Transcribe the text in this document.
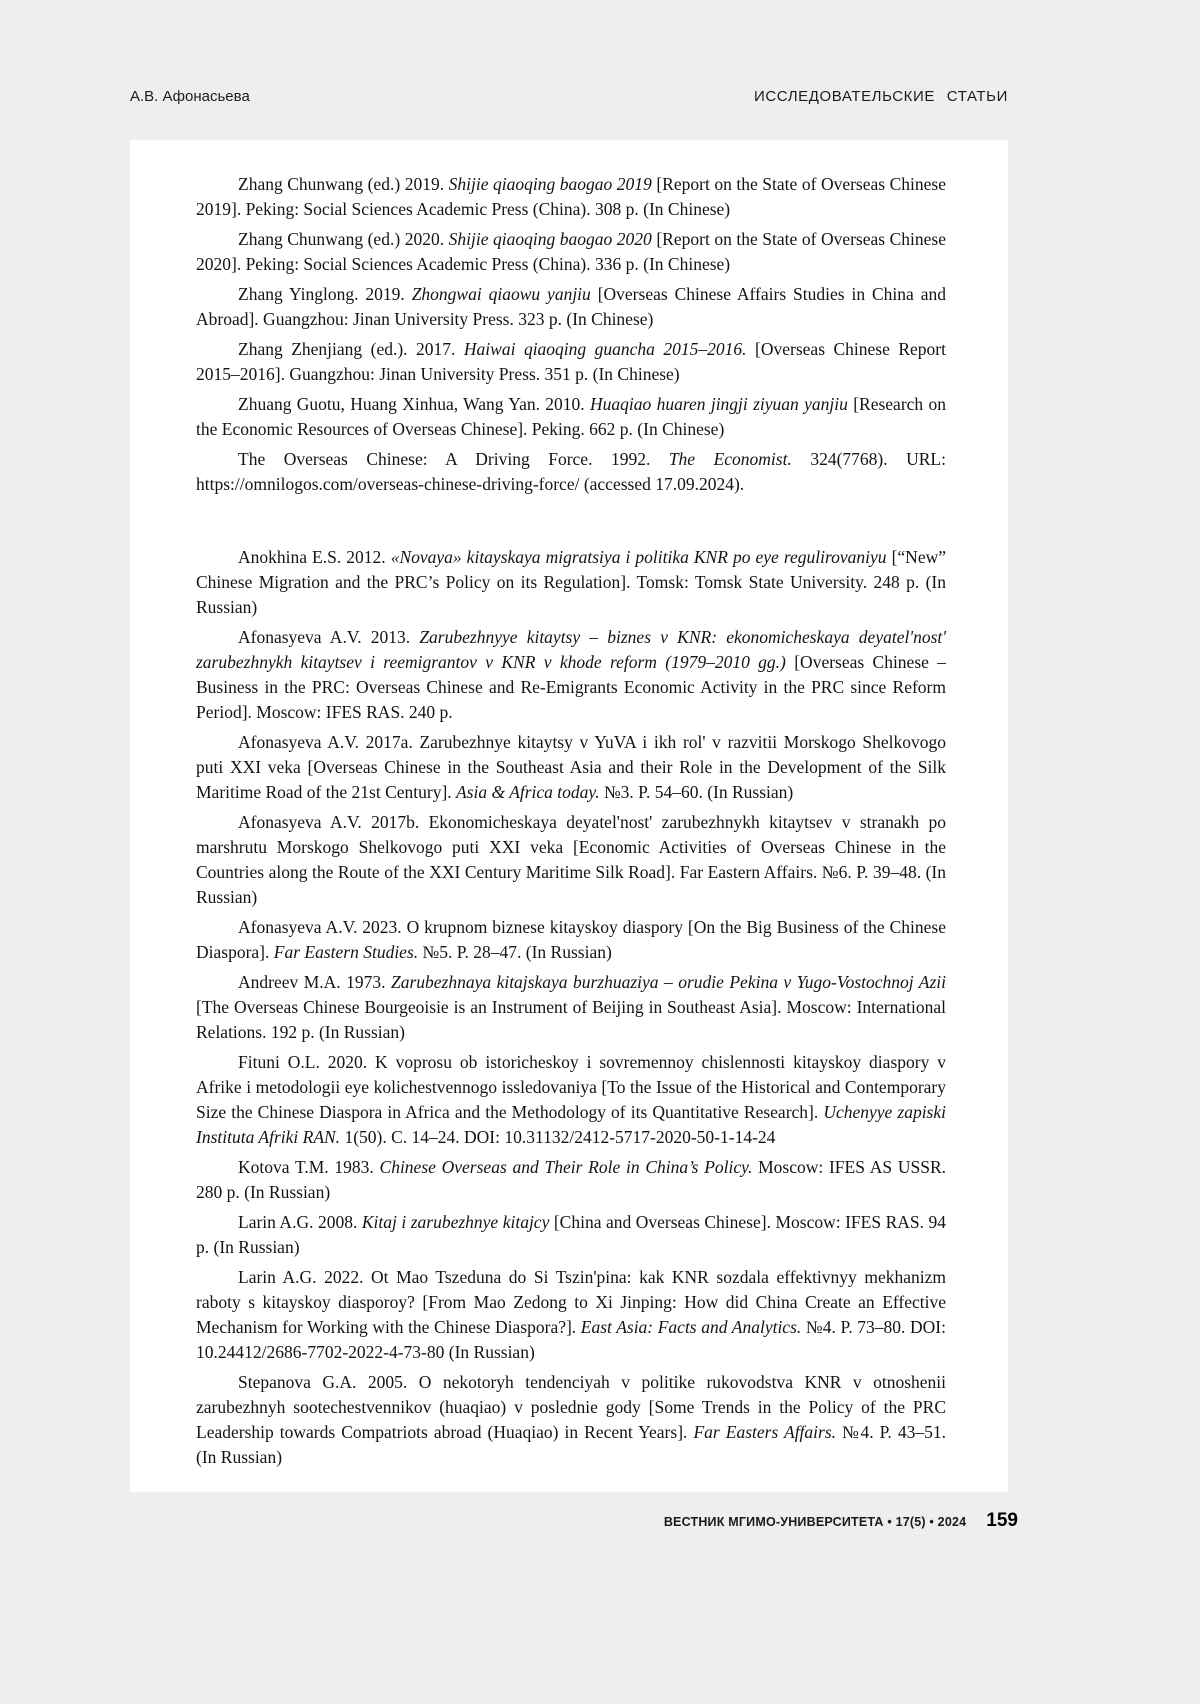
А.В. Афонасьева	ИССЛЕДОВАТЕЛЬСКИЕ СТАТЬИ

Zhang Chunwang (ed.) 2019. Shijie qiaoqing baogao 2019 [Report on the State of Overseas Chinese 2019]. Peking: Social Sciences Academic Press (China). 308 p. (In Chinese)

Zhang Chunwang (ed.) 2020. Shijie qiaoqing baogao 2020 [Report on the State of Overseas Chinese 2020]. Peking: Social Sciences Academic Press (China). 336 p. (In Chinese)

Zhang Yinglong. 2019. Zhongwai qiaowu yanjiu [Overseas Chinese Affairs Studies in China and Abroad]. Guangzhou: Jinan University Press. 323 p. (In Chinese)

Zhang Zhenjiang (ed.). 2017. Haiwai qiaoqing guancha 2015–2016. [Overseas Chinese Report 2015–2016]. Guangzhou: Jinan University Press. 351 p. (In Chinese)

Zhuang Guotu, Huang Xinhua, Wang Yan. 2010. Huaqiao huaren jingji ziyuan yanjiu [Research on the Economic Resources of Overseas Chinese]. Peking. 662 p. (In Chinese)

The Overseas Chinese: A Driving Force. 1992. The Economist. 324(7768). URL: https://omnilogos.com/overseas-chinese-driving-force/ (accessed 17.09.2024).

Anokhina E.S. 2012. «Novaya» kitayskaya migratsiya i politika KNR po eye regulirovaniyu [“New” Chinese Migration and the PRC’s Policy on its Regulation]. Tomsk: Tomsk State University. 248 p. (In Russian)

Afonasyeva A.V. 2013. Zarubezhnyye kitaytsy – biznes v KNR: ekonomicheskaya deyatel'nost' zarubezhnykh kitaytsev i reemigrantov v KNR v khode reform (1979–2010 gg.) [Overseas Chinese – Business in the PRC: Overseas Chinese and Re-Emigrants Economic Activity in the PRC since Reform Period]. Moscow: IFES RAS. 240 p.

Afonasyeva A.V. 2017a. Zarubezhnye kitaytsy v YuVA i ikh rol' v razvitii Morskogo Shelkovogo puti XXI veka [Overseas Chinese in the Southeast Asia and their Role in the Development of the Silk Maritime Road of the 21st Century]. Asia & Africa today. №3. P. 54–60. (In Russian)

Afonasyeva A.V. 2017b. Ekonomicheskaya deyatel'nost' zarubezhnykh kitaytsev v stranakh po marshrutu Morskogo Shelkovogo puti XXI veka [Economic Activities of Overseas Chinese in the Countries along the Route of the XXI Century Maritime Silk Road]. Far Eastern Affairs. №6. P. 39–48. (In Russian)

Afonasyeva A.V. 2023. O krupnom biznese kitayskoy diaspory [On the Big Business of the Chinese Diaspora]. Far Eastern Studies. №5. P. 28–47. (In Russian)

Andreev M.A. 1973. Zarubezhnaya kitajskaya burzhuaziya – orudie Pekina v Yugo-Vostochnoj Azii [The Overseas Chinese Bourgeoisie is an Instrument of Beijing in Southeast Asia]. Moscow: International Relations. 192 p. (In Russian)

Fituni O.L. 2020. K voprosu ob istoricheskoy i sovremennoy chislennosti kitayskoy diaspory v Afrike i metodologii eye kolichestvennogo issledovaniya [To the Issue of the Historical and Contemporary Size the Chinese Diaspora in Africa and the Methodology of its Quantitative Research]. Uchenyye zapiski Instituta Afriki RAN. 1(50). C. 14–24. DOI: 10.31132/2412-5717-2020-50-1-14-24

Kotova T.M. 1983. Chinese Overseas and Their Role in China’s Policy. Moscow: IFES AS USSR. 280 p. (In Russian)

Larin A.G. 2008. Kitaj i zarubezhnye kitajcy [China and Overseas Chinese]. Moscow: IFES RAS. 94 p. (In Russian)

Larin A.G. 2022. Ot Mao Tszeduna do Si Tszin'pina: kak KNR sozdala effektivnyy mekhanizm raboty s kitayskoy diasporoy? [From Mao Zedong to Xi Jinping: How did China Create an Effective Mechanism for Working with the Chinese Diaspora?]. East Asia: Facts and Analytics. №4. P. 73–80. DOI: 10.24412/2686-7702-2022-4-73-80 (In Russian)

Stepanova G.A. 2005. O nekotoryh tendenciyah v politike rukovodstva KNR v otnoshenii zarubezhnyh sootechestvennikov (huaqiao) v poslednie gody [Some Trends in the Policy of the PRC Leadership towards Compatriots abroad (Huaqiao) in Recent Years]. Far Easters Affairs. №4. P. 43–51. (In Russian)

ВЕСТНИК МГИМО-УНИВЕРСИТЕТА • 17(5) • 2024 159
